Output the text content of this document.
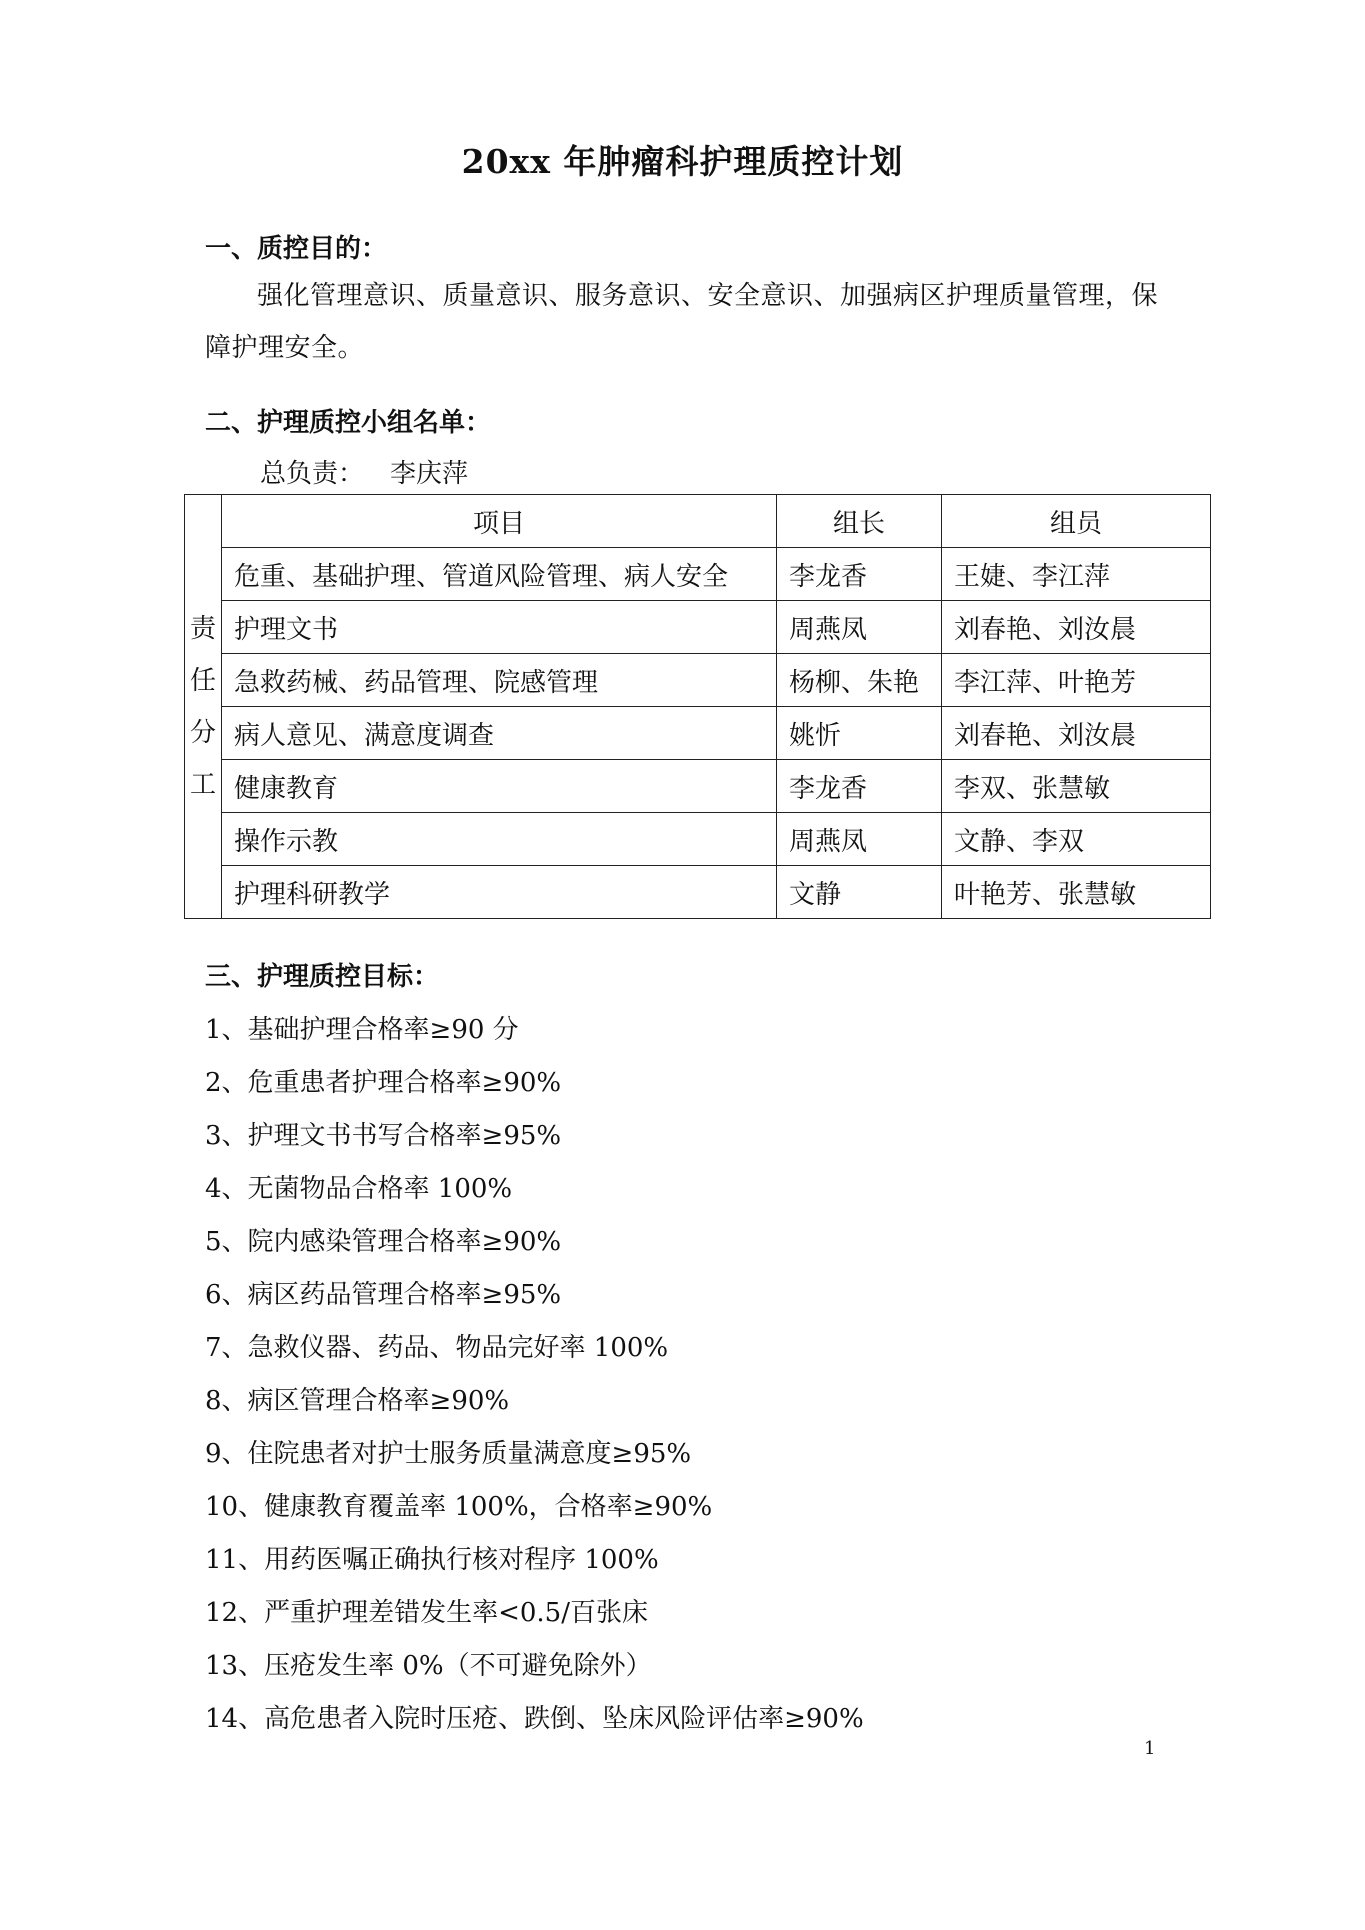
20xx 年肿瘤科护理质控计划
一、质控目的：
强化管理意识、质量意识、服务意识、安全意识、加强病区护理质量管理，保障护理安全。
二、护理质控小组名单：
总负责： 李庆萍
责
任
分
工	项目	组长	组员
	危重、基础护理、管道风险管理、病人安全	李龙香	王婕、李江萍
	护理文书	周燕凤	刘春艳、刘汝晨
	急救药械、药品管理、院感管理	杨柳、朱艳	李江萍、叶艳芳
	病人意见、满意度调查	姚忻	刘春艳、刘汝晨
	健康教育	李龙香	李双、张慧敏
	操作示教	周燕凤	文静、李双
	护理科研教学	文静	叶艳芳、张慧敏
三、护理质控目标：
1、基础护理合格率≥90 分
2、危重患者护理合格率≥90%
3、护理文书书写合格率≥95%
4、无菌物品合格率 100%
5、院内感染管理合格率≥90%
6、病区药品管理合格率≥95%
7、急救仪器、药品、物品完好率 100%
8、病区管理合格率≥90%
9、住院患者对护士服务质量满意度≥95%
10、健康教育覆盖率 100%，合格率≥90%
11、用药医嘱正确执行核对程序 100%
12、严重护理差错发生率<0.5/百张床
13、压疮发生率 0%（不可避免除外）
14、高危患者入院时压疮、跌倒、坠床风险评估率≥90%
1
